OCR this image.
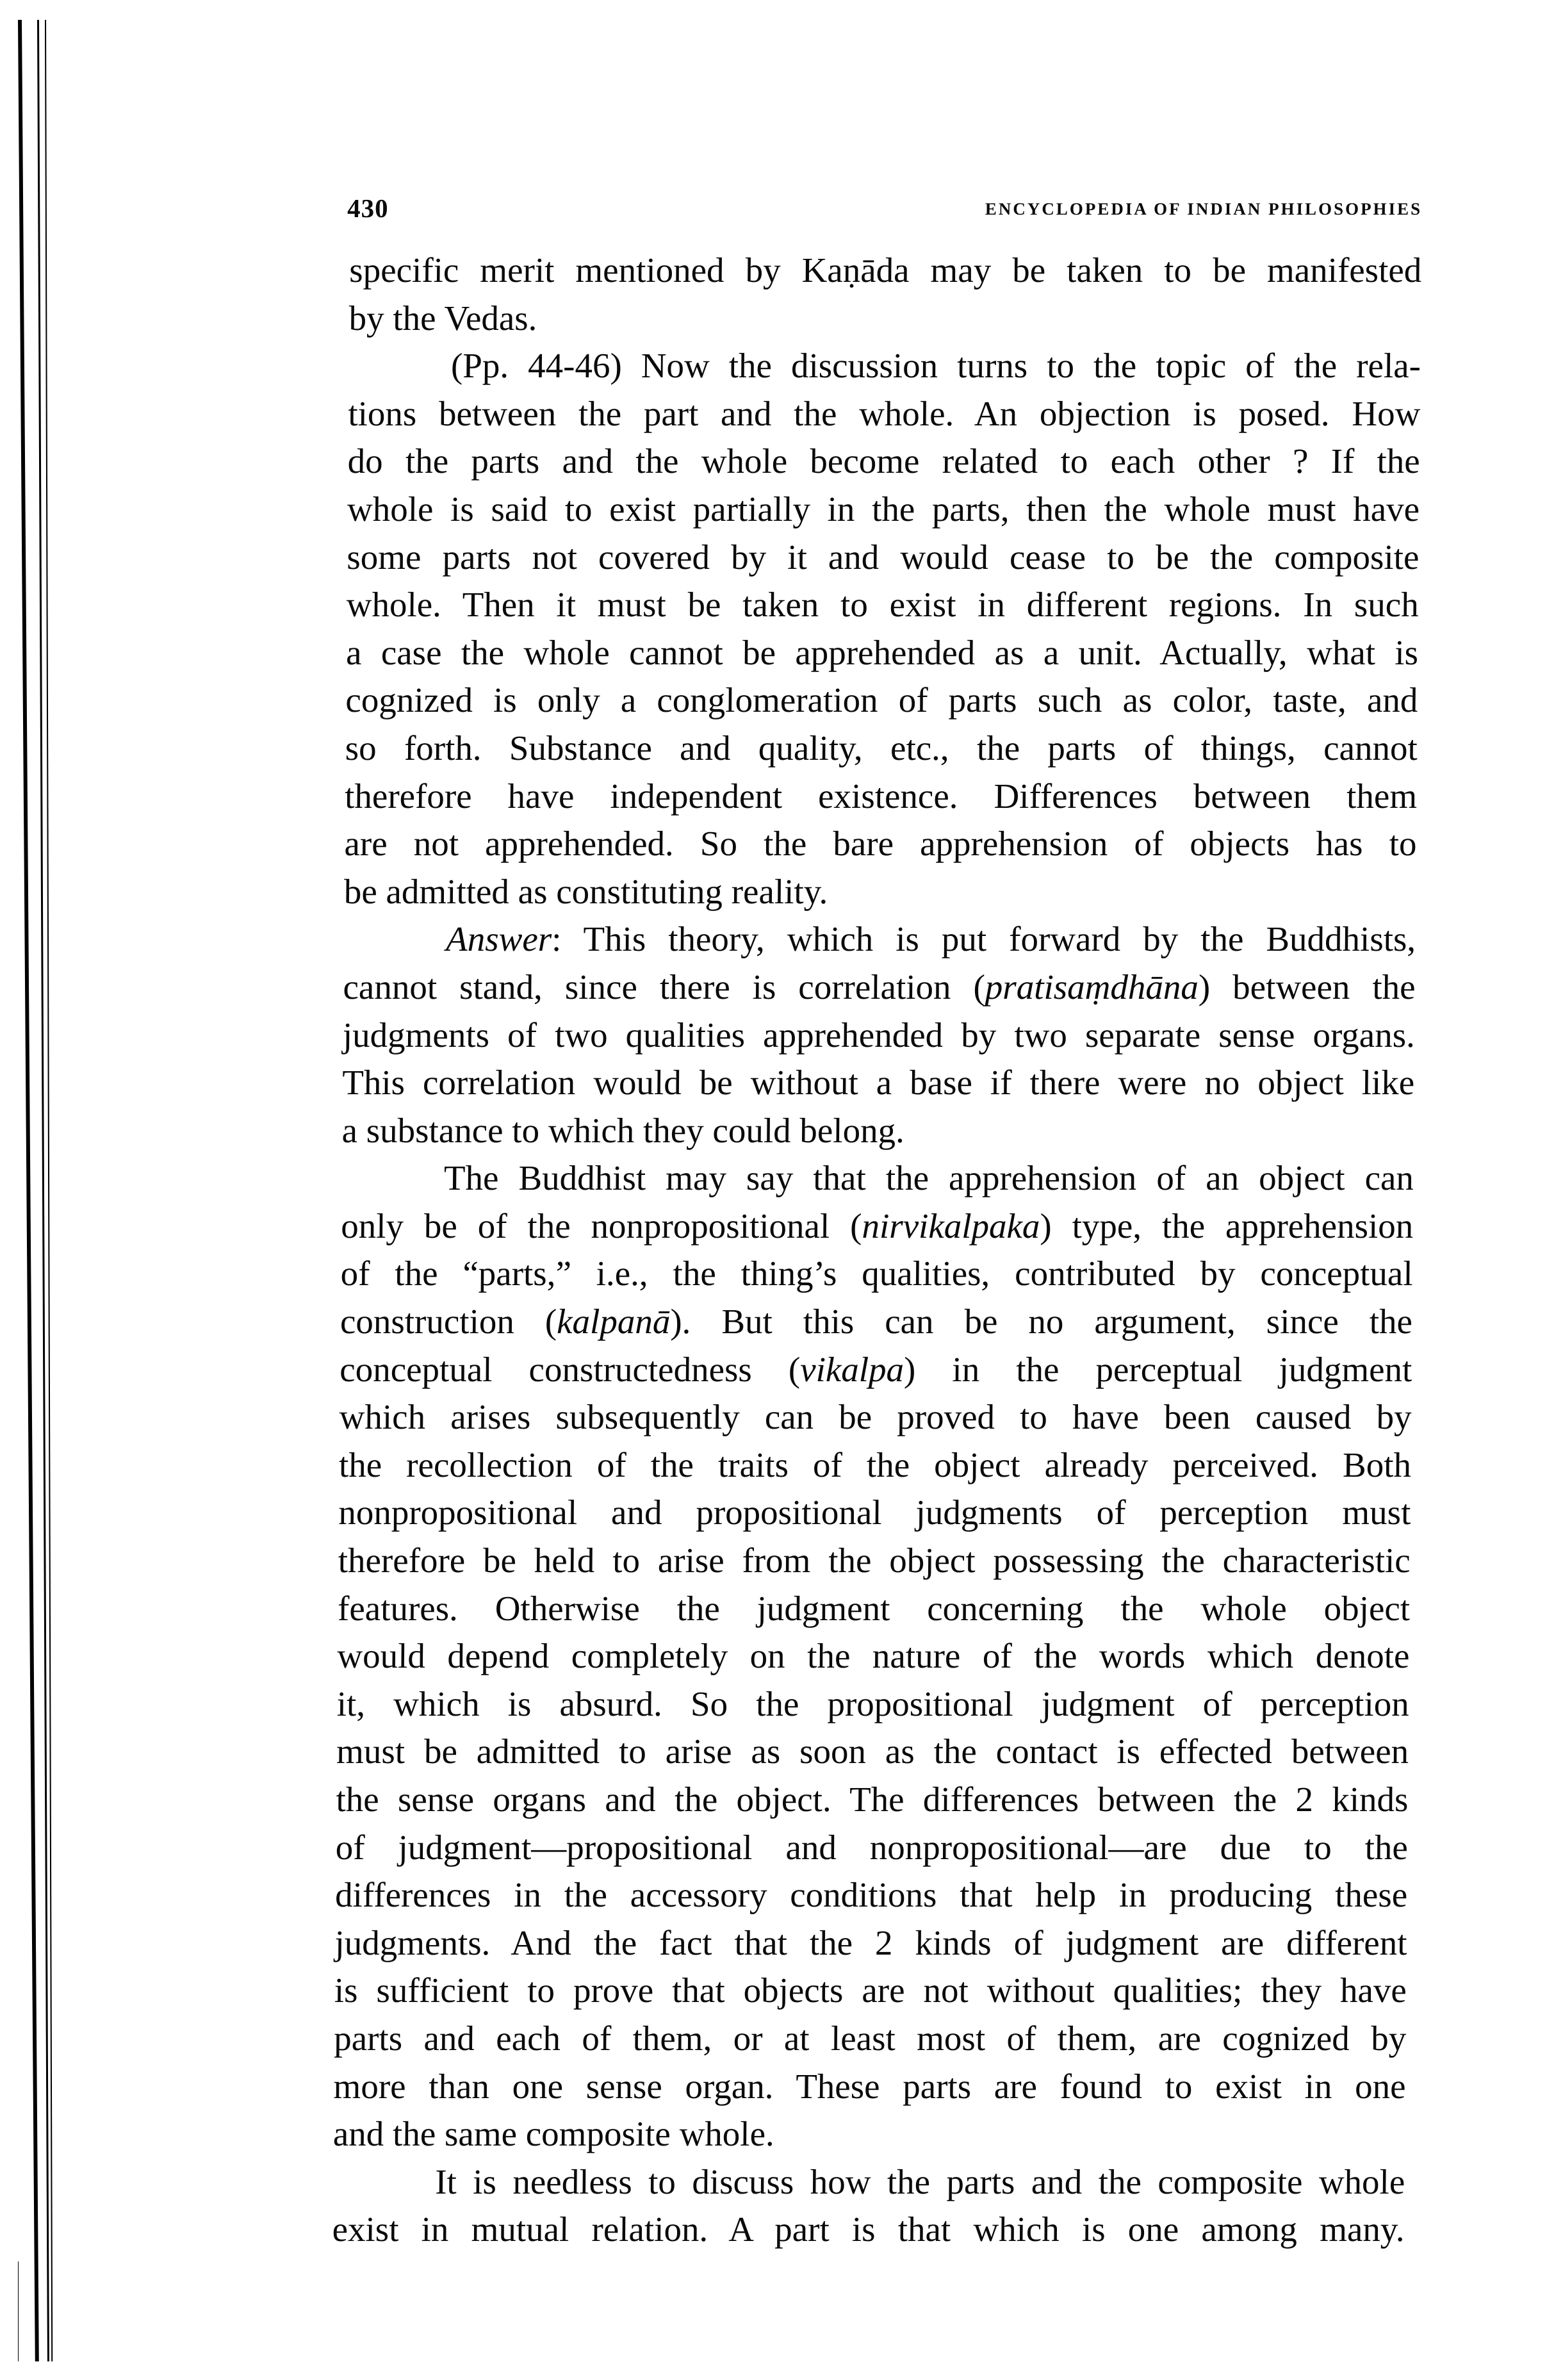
430	ENCYCLOPEDIA OF INDIAN PHILOSOPHIES
specific merit mentioned by Kaṇāda may be taken to be manifested
by the Vedas.
(Pp. 44-46) Now the discussion turns to the topic of the rela-
tions between the part and the whole. An objection is posed. How
do the parts and the whole become related to each other ? If the
whole is said to exist partially in the parts, then the whole must have
some parts not covered by it and would cease to be the composite
whole. Then it must be taken to exist in different regions. In such
a case the whole cannot be apprehended as a unit. Actually, what is
cognized is only a conglomeration of parts such as color, taste, and
so forth. Substance and quality, etc., the parts of things, cannot
therefore have independent existence. Differences between them
are not apprehended. So the bare apprehension of objects has to
be admitted as constituting reality.
Answer: This theory, which is put forward by the Buddhists,
cannot stand, since there is correlation (pratisaṃdhāna) between the
judgments of two qualities apprehended by two separate sense organs.
This correlation would be without a base if there were no object like
a substance to which they could belong.
The Buddhist may say that the apprehension of an object can
only be of the nonpropositional (nirvikalpaka) type, the apprehension
of the “parts,” i.e., the thing’s qualities, contributed by conceptual
construction (kalpanā). But this can be no argument, since the
conceptual constructedness (vikalpa) in the perceptual judgment
which arises subsequently can be proved to have been caused by
the recollection of the traits of the object already perceived. Both
nonpropositional and propositional judgments of perception must
therefore be held to arise from the object possessing the characteristic
features. Otherwise the judgment concerning the whole object
would depend completely on the nature of the words which denote
it, which is absurd. So the propositional judgment of perception
must be admitted to arise as soon as the contact is effected between
the sense organs and the object. The differences between the 2 kinds
of judgment—propositional and nonpropositional—are due to the
differences in the accessory conditions that help in producing these
judgments. And the fact that the 2 kinds of judgment are different
is sufficient to prove that objects are not without qualities; they have
parts and each of them, or at least most of them, are cognized by
more than one sense organ. These parts are found to exist in one
and the same composite whole.
It is needless to discuss how the parts and the composite whole
exist in mutual relation. A part is that which is one among many.
